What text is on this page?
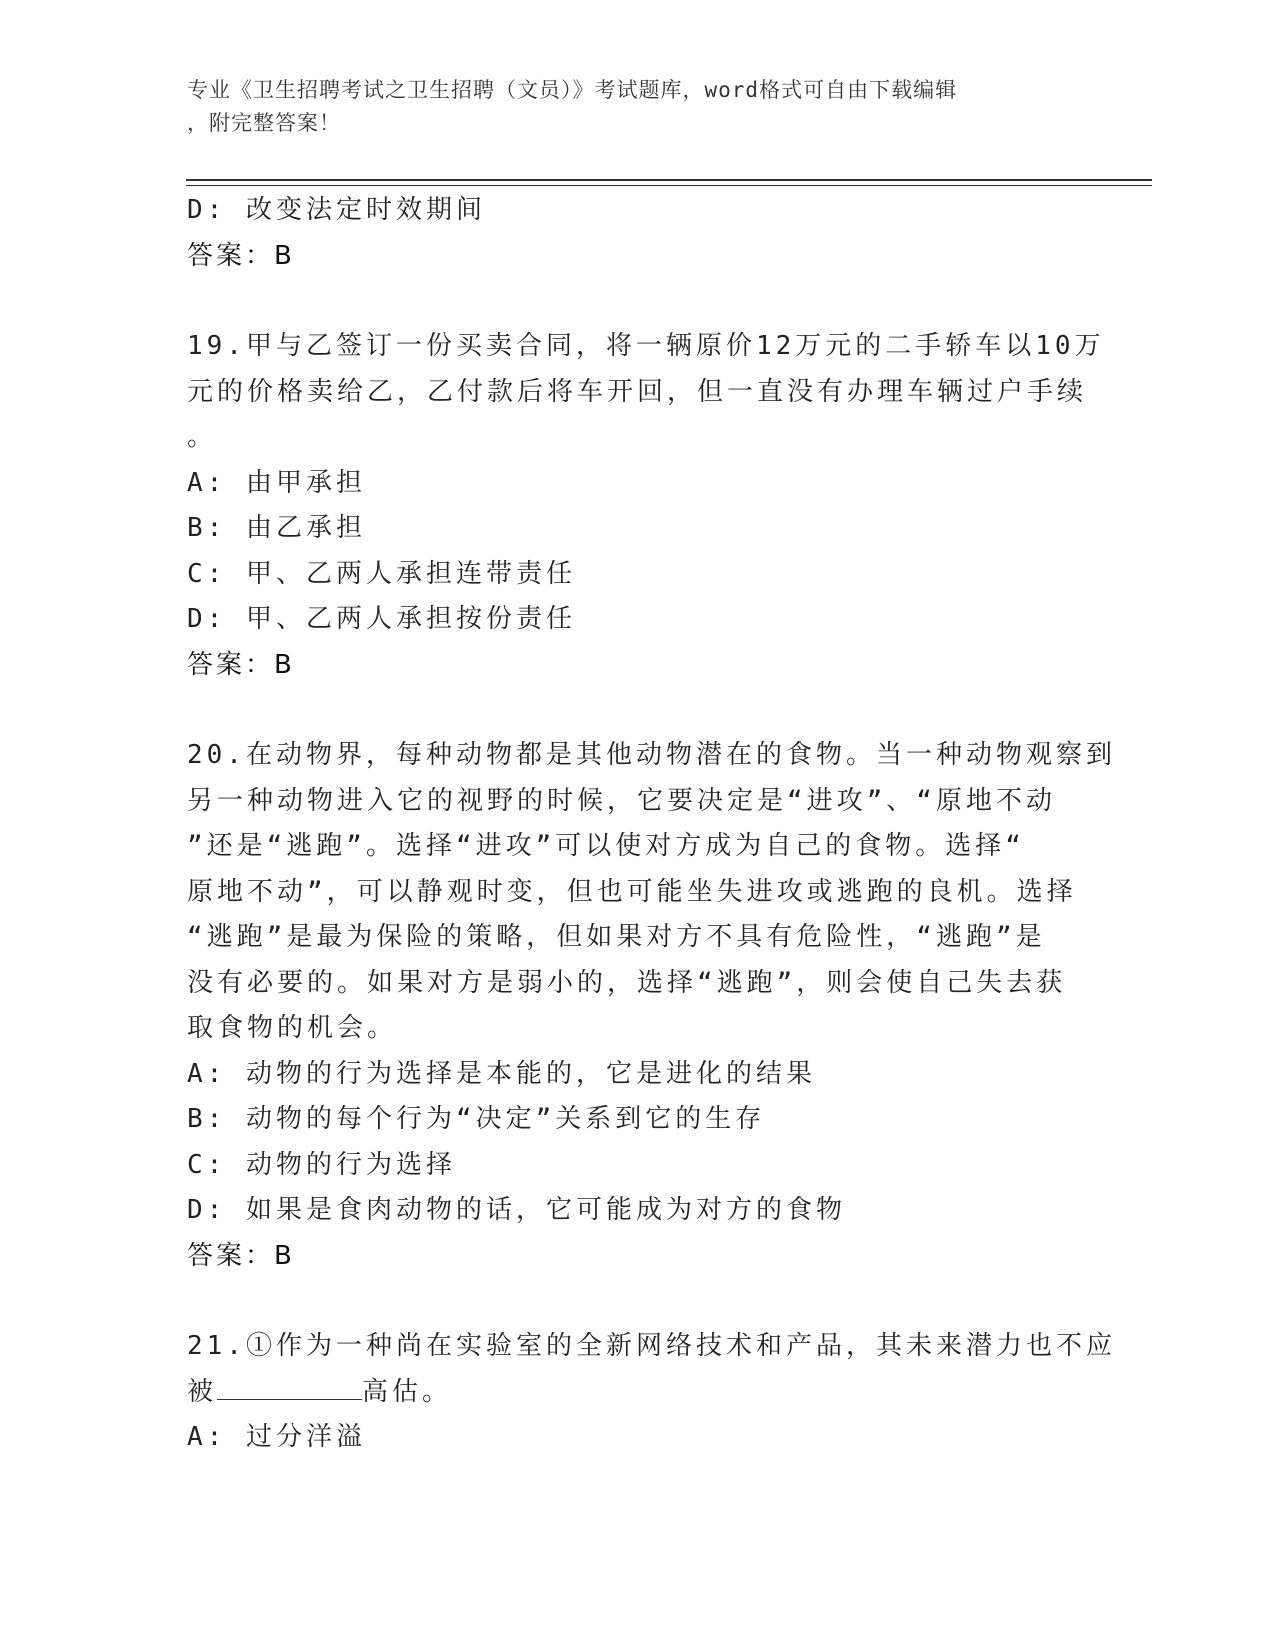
专业《卫生招聘考试之卫生招聘（文员）》考试题库，word格式可自由下载编辑
，附完整答案！
D: 改变法定时效期间
答案：B
19.甲与乙签订一份买卖合同，将一辆原价12万元的二手轿车以10万
元的价格卖给乙，乙付款后将车开回，但一直没有办理车辆过户手续
。
A: 由甲承担
B: 由乙承担
C: 甲、乙两人承担连带责任
D: 甲、乙两人承担按份责任
答案：B
20.在动物界，每种动物都是其他动物潜在的食物。当一种动物观察到
另一种动物进入它的视野的时候，它要决定是“进攻”、“原地不动
”还是“逃跑”。选择“进攻”可以使对方成为自己的食物。选择“
原地不动”，可以静观时变，但也可能坐失进攻或逃跑的良机。选择
“逃跑”是最为保险的策略，但如果对方不具有危险性，“逃跑”是
没有必要的。如果对方是弱小的，选择“逃跑”，则会使自己失去获
取食物的机会。
A: 动物的行为选择是本能的，它是进化的结果
B: 动物的每个行为“决定”关系到它的生存
C: 动物的行为选择
D: 如果是食肉动物的话，它可能成为对方的食物
答案：B
21.①作为一种尚在实验室的全新网络技术和产品，其未来潜力也不应
被	高估。
A: 过分洋溢
